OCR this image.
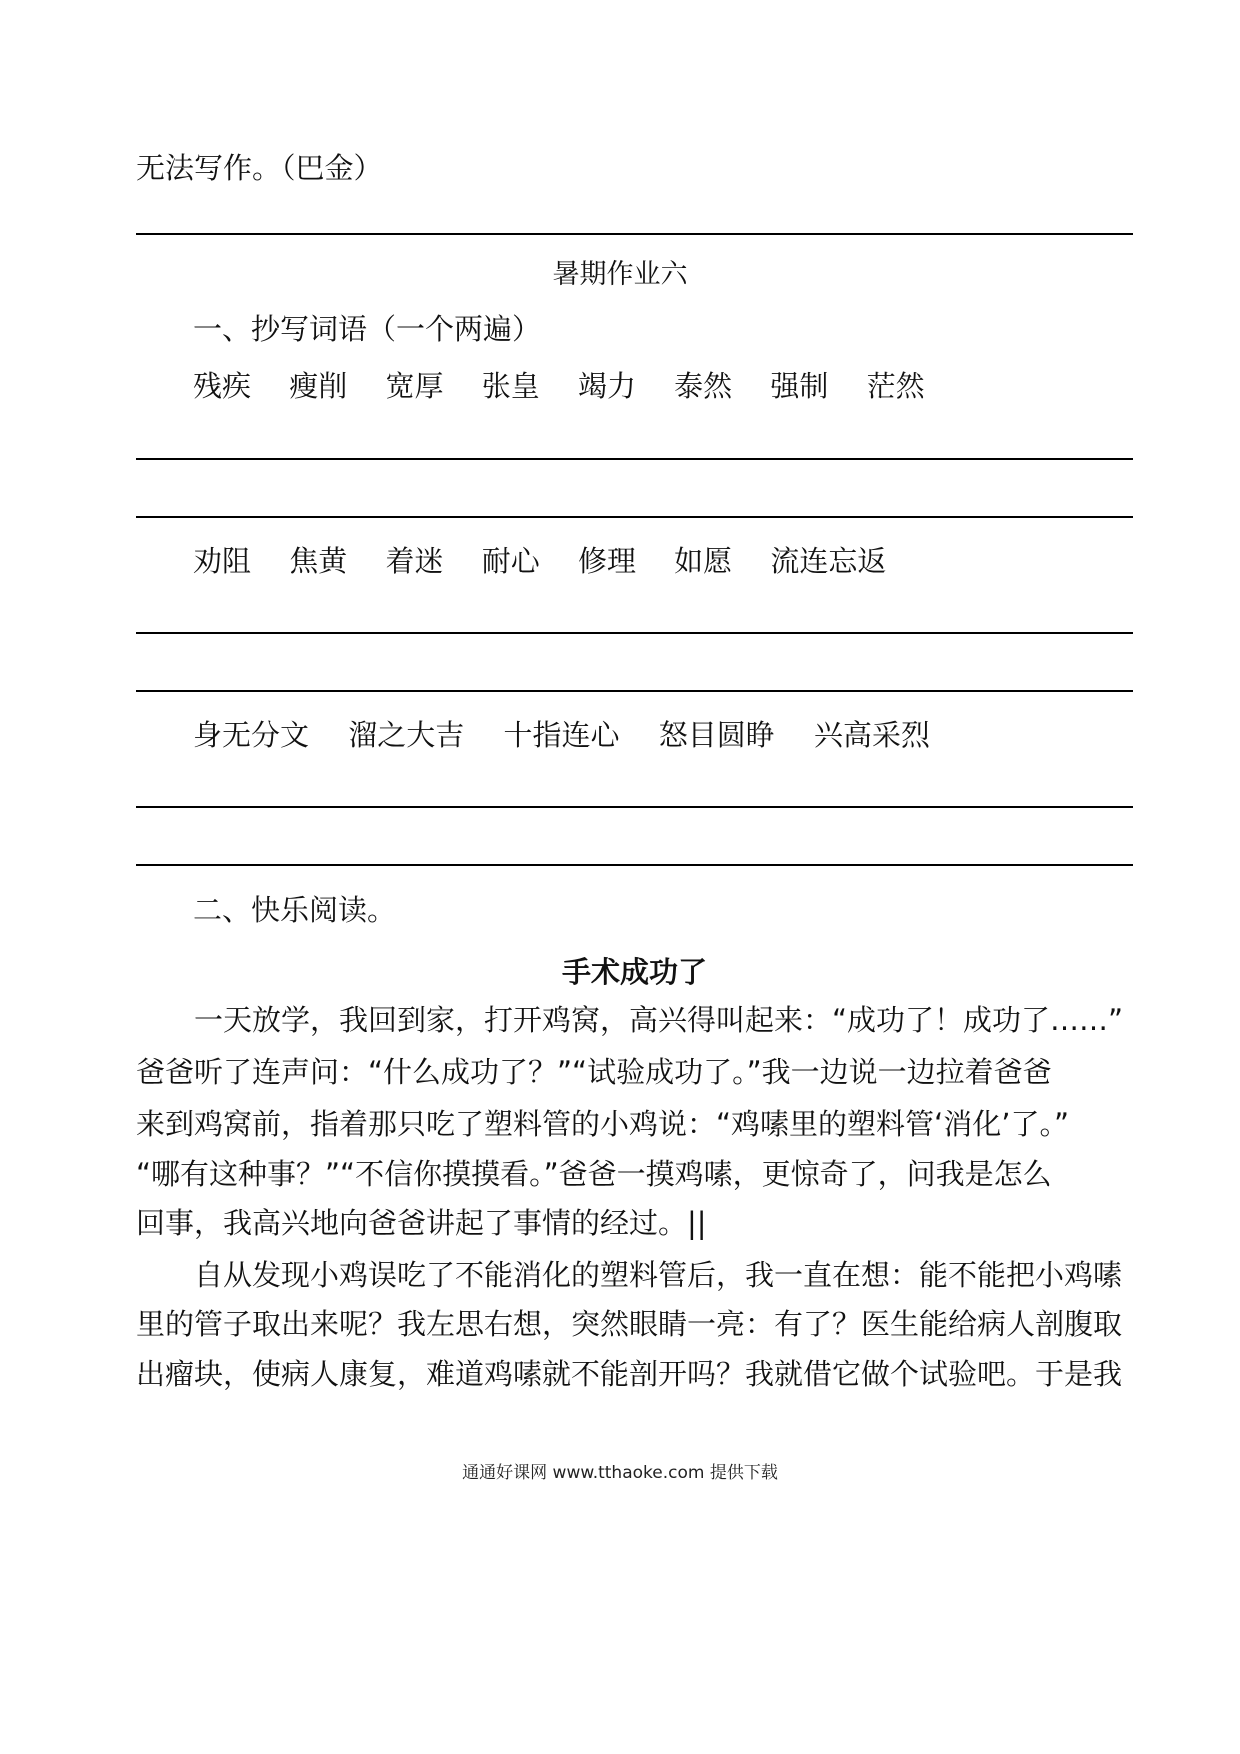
无法写作。（巴金）
暑期作业六
一、抄写词语（一个两遍）
残疾 瘦削 宽厚 张皇 竭力 泰然 强制 茫然
劝阻 焦黄 着迷 耐心 修理 如愿 流连忘返
身无分文 溜之大吉 十指连心 怒目圆睁 兴高采烈
二、快乐阅读。
手术成功了
　　一天放学，我回到家，打开鸡窝，高兴得叫起来：“成功了！成功了……”
爸爸听了连声问：“什么成功了？”“试验成功了。”我一边说一边拉着爸爸
来到鸡窝前，指着那只吃了塑料管的小鸡说：“鸡嗉里的塑料管‘消化’了。”
“哪有这种事？”“不信你摸摸看。”爸爸一摸鸡嗉，更惊奇了，问我是怎么
回事，我高兴地向爸爸讲起了事情的经过。||
　　自从发现小鸡误吃了不能消化的塑料管后，我一直在想：能不能把小鸡嗉
里的管子取出来呢？我左思右想，突然眼睛一亮：有了？医生能给病人剖腹取
出瘤块，使病人康复，难道鸡嗉就不能剖开吗？我就借它做个试验吧。于是我
通通好课网 www.tthaoke.com 提供下载
